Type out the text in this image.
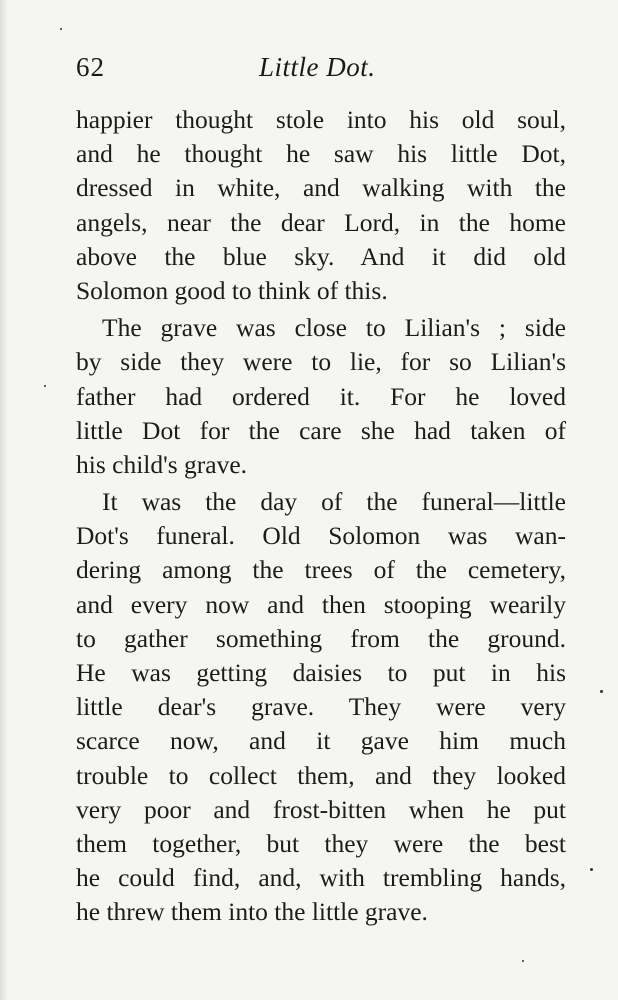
62	Little Dot.
happier thought stole into his old soul,
and he thought he saw his little Dot,
dressed in white, and walking with the
angels, near the dear Lord, in the home
above the blue sky. And it did old
Solomon good to think of this.
The grave was close to Lilian's ; side
by side they were to lie, for so Lilian's
father had ordered it. For he loved
little Dot for the care she had taken of
his child's grave.
It was the day of the funeral—little
Dot's funeral. Old Solomon was wan-
dering among the trees of the cemetery,
and every now and then stooping wearily
to gather something from the ground.
He was getting daisies to put in his
little dear's grave. They were very
scarce now, and it gave him much
trouble to collect them, and they looked
very poor and frost-bitten when he put
them together, but they were the best
he could find, and, with trembling hands,
he threw them into the little grave.
